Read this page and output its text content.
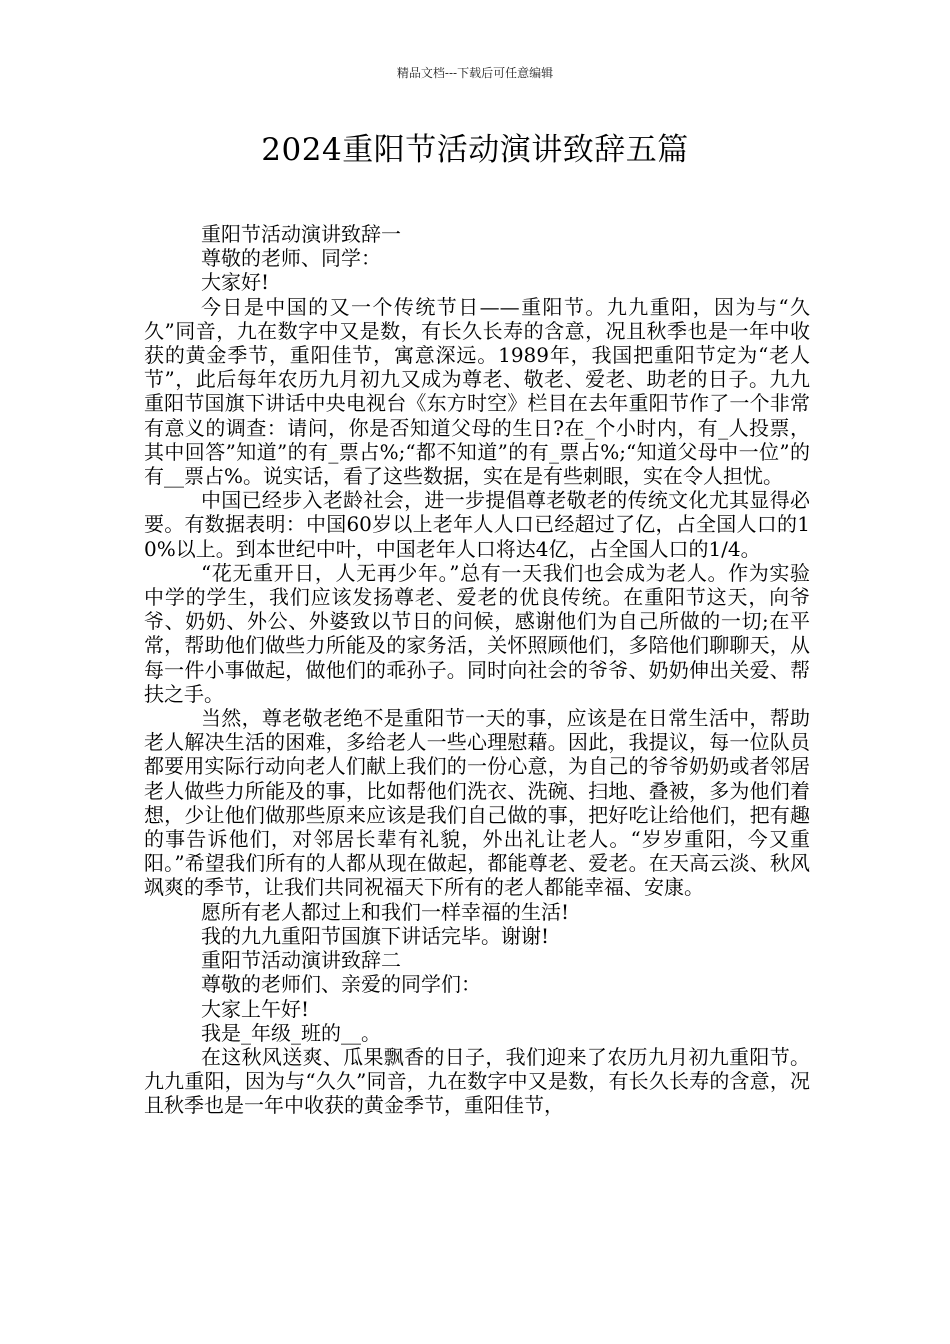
精品文档---下载后可任意编辑
2024重阳节活动演讲致辞五篇

重阳节活动演讲致辞一

尊敬的老师、同学：

大家好!

今日是中国的又一个传统节日——重阳节。九九重阳，因为与“久久”同音，九在数字中又是数，有长久长寿的含意，况且秋季也是一年中收获的黄金季节，重阳佳节，寓意深远。1989年，我国把重阳节定为“老人节”，此后每年农历九月初九又成为尊老、敬老、爱老、助老的日子。九九重阳节国旗下讲话中央电视台《东方时空》栏目在去年重阳节作了一个非常有意义的调查：请问，你是否知道父母的生日?在_个小时内，有_人投票，其中回答”知道”的有_票占%;“都不知道”的有_票占%;“知道父母中一位”的有__票占%。说实话，看了这些数据，实在是有些刺眼，实在令人担忧。

中国已经步入老龄社会，进一步提倡尊老敬老的传统文化尤其显得必要。有数据表明：中国60岁以上老年人人口已经超过了亿，占全国人口的10%以上。到本世纪中叶，中国老年人口将达4亿，占全国人口的1/4。

“花无重开日，人无再少年。”总有一天我们也会成为老人。作为实验中学的学生，我们应该发扬尊老、爱老的优良传统。在重阳节这天，向爷爷、奶奶、外公、外婆致以节日的问候，感谢他们为自己所做的一切;在平常，帮助他们做些力所能及的家务活，关怀照顾他们，多陪他们聊聊天，从每一件小事做起，做他们的乖孙子。同时向社会的爷爷、奶奶伸出关爱、帮扶之手。

当然，尊老敬老绝不是重阳节一天的事，应该是在日常生活中，帮助老人解决生活的困难，多给老人一些心理慰藉。因此，我提议，每一位队员都要用实际行动向老人们献上我们的一份心意，为自己的爷爷奶奶或者邻居老人做些力所能及的事，比如帮他们洗衣、洗碗、扫地、叠被，多为他们着想，少让他们做那些原来应该是我们自己做的事，把好吃让给他们，把有趣的事告诉他们，对邻居长辈有礼貌，外出礼让老人。“岁岁重阳，今又重阳。”希望我们所有的人都从现在做起，都能尊老、爱老。在天高云淡、秋风飒爽的季节，让我们共同祝福天下所有的老人都能幸福、安康。

愿所有老人都过上和我们一样幸福的生活!

我的九九重阳节国旗下讲话完毕。谢谢!

重阳节活动演讲致辞二

尊敬的老师们、亲爱的同学们：

大家上午好!

我是_年级_班的__。

在这秋风送爽、瓜果飘香的日子，我们迎来了农历九月初九重阳节。九九重阳，因为与“久久”同音，九在数字中又是数，有长久长寿的含意，况且秋季也是一年中收获的黄金季节，重阳佳节，
